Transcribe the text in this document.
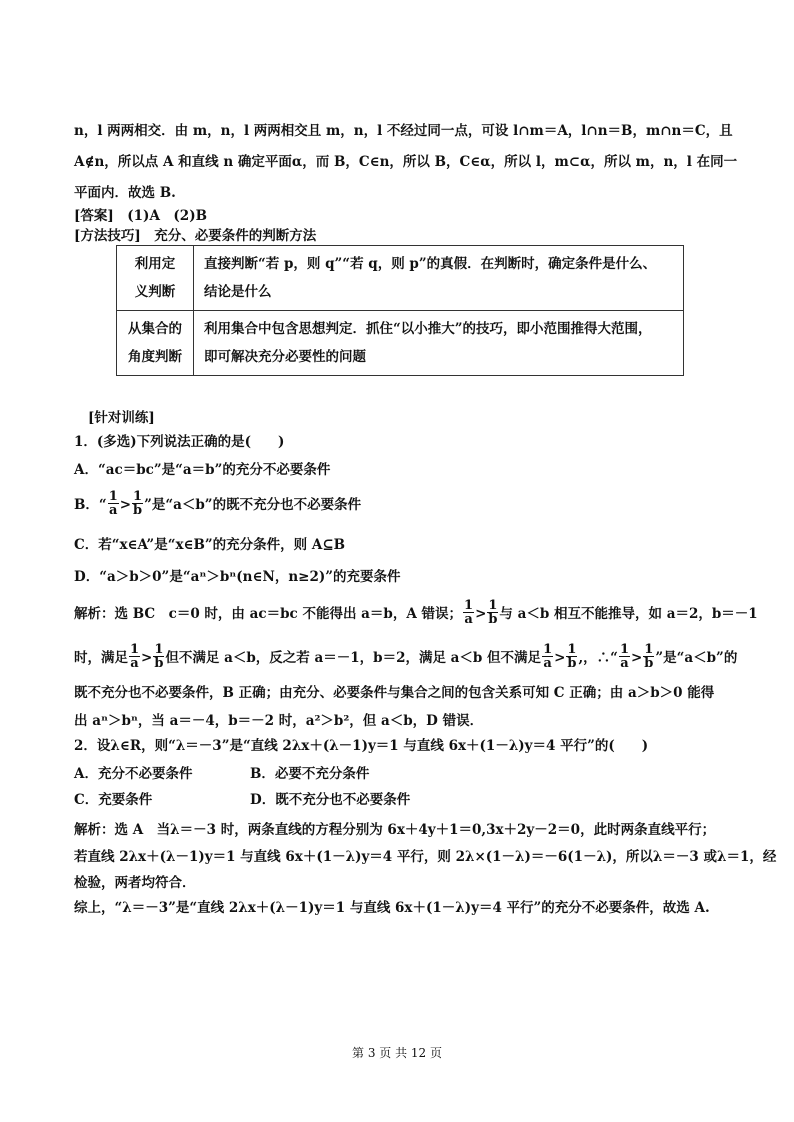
n，l 两两相交．由 m，n，l 两两相交且 m，n，l 不经过同一点，可设 l∩m＝A，l∩n＝B，m∩n＝C，且
A∉n，所以点 A 和直线 n 确定平面α，而 B，C∈n，所以 B，C∈α，所以 l，m⊂α，所以 m，n，l 在同一
平面内．故选 B.
[答案]　(1)A　(2)B
[方法技巧]　充分、必要条件的判断方法
利用定
义判断	直接判断“若 p，则 q”“若 q，则 p”的真假．在判断时，确定条件是什么、
结论是什么
从集合的
角度判断	利用集合中包含思想判定．抓住“以小推大”的技巧，即小范围推得大范围，
即可解决充分必要性的问题
[针对训练]
1．(多选)下列说法正确的是(　　)
A．“ac＝bc”是“a＝b”的充分不必要条件
B．“ $\frac{1}{a} > \frac{1}{b}$ ”是“a＜b”的既不充分也不必要条件
C．若“x∈A”是“x∈B”的充分条件，则 A⊆B
D．“a＞b＞0”是“aⁿ＞bⁿ(n∈N，n≥2)”的充要条件
解析：选 BC　c＝0 时，由 ac＝bc 不能得出 a＝b，A 错误； $\frac{1}{a} > \frac{1}{b}$ 与 a＜b 相互不能推导，如 a＝2，b＝－1
时，满足 $\frac{1}{a} > \frac{1}{b}$ 但不满足 a＜b，反之若 a＝－1，b＝2，满足 a＜b 但不满足 $\frac{1}{a} > \frac{1}{b}$ ,，∴“ $\frac{1}{a} > \frac{1}{b}$ ”是“a＜b”的
既不充分也不必要条件，B 正确；由充分、必要条件与集合之间的包含关系可知 C 正确；由 a＞b＞0 能得
出 aⁿ＞bⁿ，当 a＝－4，b＝－2 时，a²＞b²，但 a＜b，D 错误．
2．设λ∈R，则“λ＝－3”是“直线 2λx＋(λ－1)y＝1 与直线 6x＋(1－λ)y＝4 平行”的(　　)
A．充分不必要条件	B．必要不充分条件
C．充要条件	D．既不充分也不必要条件
解析：选 A　当λ＝－3 时，两条直线的方程分别为 6x＋4y＋1＝0,3x＋2y－2＝0，此时两条直线平行；
若直线 2λx＋(λ－1)y＝1 与直线 6x＋(1－λ)y＝4 平行，则 2λ×(1－λ)＝－6(1－λ)，所以λ＝－3 或λ＝1，经
检验，两者均符合．
综上，“λ＝－3”是“直线 2λx＋(λ－1)y＝1 与直线 6x＋(1－λ)y＝4 平行”的充分不必要条件，故选 A.
第 3 页 共 12 页
